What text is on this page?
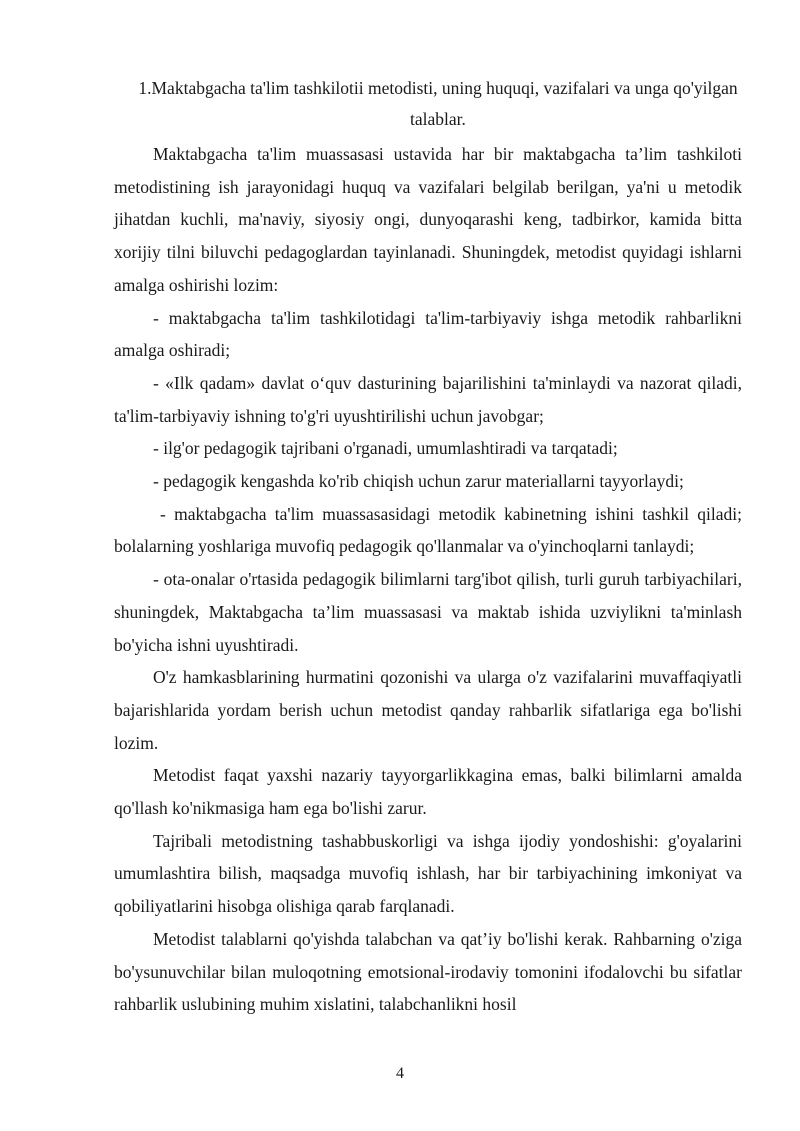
1.Maktabgacha ta'lim tashkilotii metodisti, uning huquqi, vazifalari va unga qo'yilgan talablar.

Maktabgacha ta'lim muassasasi ustavida har bir maktabgacha ta’lim tashkiloti metodistining ish jarayonidagi huquq va vazifalari belgilab berilgan, ya'ni u metodik jihatdan kuchli, ma'naviy, siyosiy ongi, dunyoqarashi keng, tadbirkor, kamida bitta xorijiy tilni biluvchi pedagoglardan tayinlanadi. Shuningdek, metodist quyidagi ishlarni amalga oshirishi lozim:

- maktabgacha ta'lim tashkilotidagi ta'lim-tarbiyaviy ishga metodik rahbarlikni amalga oshiradi;

- «Ilk qadam» davlat o‘quv dasturining bajarilishini ta'minlaydi va nazorat qiladi, ta'lim-tarbiyaviy ishning to'g'ri uyushtirilishi uchun javobgar;

- ilg'or pedagogik tajribani o'rganadi, umumlashtiradi va tarqatadi;

- pedagogik kengashda ko'rib chiqish uchun zarur materiallarni tayyorlaydi;

- maktabgacha ta'lim muassasasidagi metodik kabinetning ishini tashkil qiladi; bolalarning yoshlariga muvofiq pedagogik qo'llanmalar va o'yinchoqlarni tanlaydi;

- ota-onalar o'rtasida pedagogik bilimlarni targ'ibot qilish, turli guruh tarbiyachilari, shuningdek, Maktabgacha ta’lim muassasasi va maktab ishida uzviylikni ta'minlash bo'yicha ishni uyushtiradi.

O'z hamkasblarining hurmatini qozonishi va ularga o'z vazifalarini muvaffaqiyatli bajarishlarida yordam berish uchun metodist qanday rahbarlik sifatlariga ega bo'lishi lozim.

Metodist faqat yaxshi nazariy tayyorgarlikkagina emas, balki bilimlarni amalda qo'llash ko'nikmasiga ham ega bo'lishi zarur.

Tajribali metodistning tashabbuskorligi va ishga ijodiy yondoshishi: g'oyalarini umumlashtira bilish, maqsadga muvofiq ishlash, har bir tarbiyachining imkoniyat va qobiliyatlarini hisobga olishiga qarab farqlanadi.

Metodist talablarni qo'yishda talabchan va qat’iy bo'lishi kerak. Rahbarning o'ziga bo'ysunuvchilar bilan muloqotning emotsional-irodaviy tomonini ifodalovchi bu sifatlar rahbarlik uslubining muhim xislatini, talabchanlikni hosil

4
